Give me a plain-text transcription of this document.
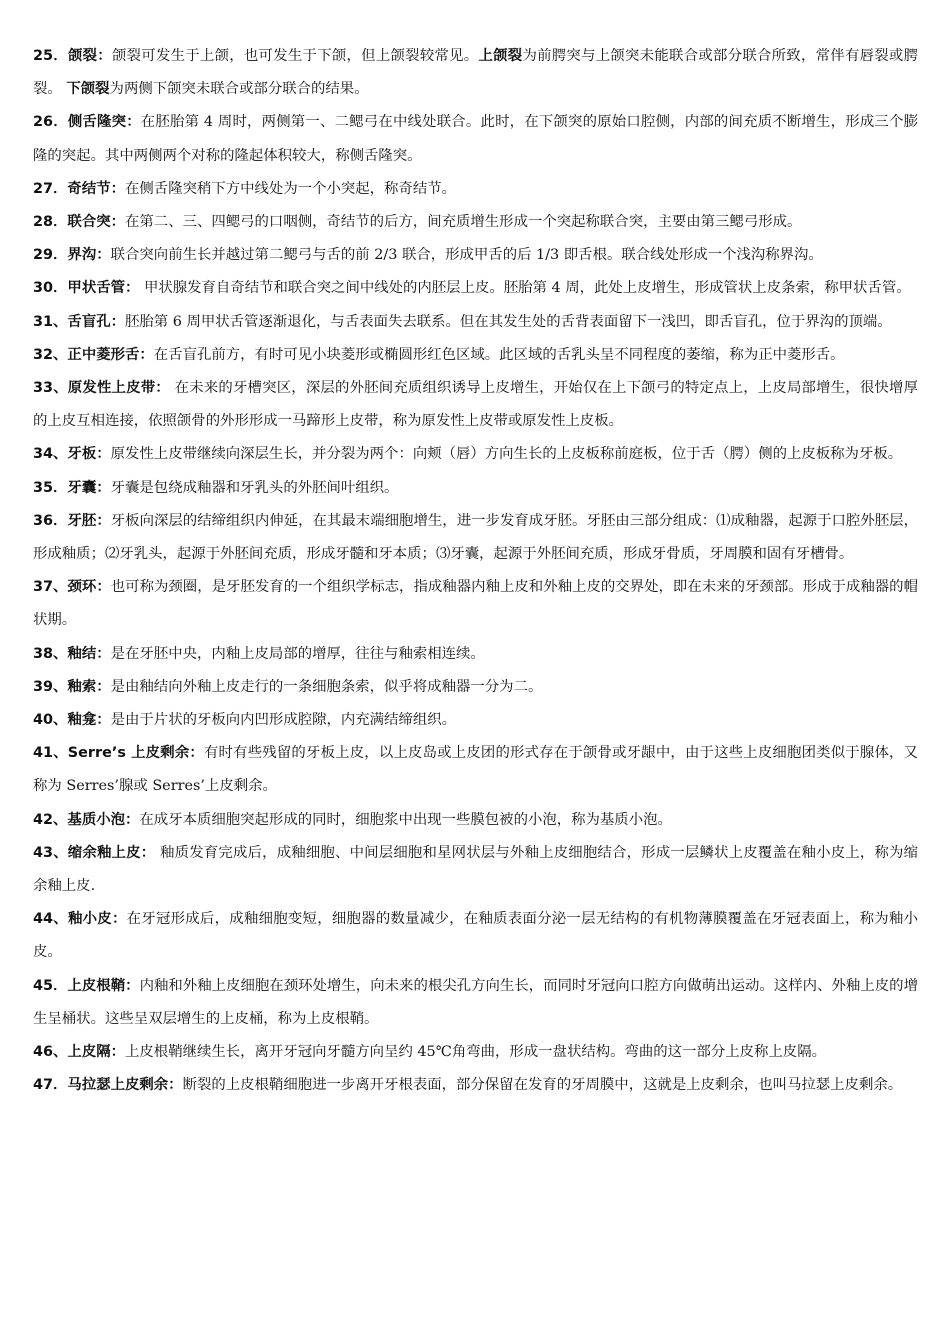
25．颌裂：颌裂可发生于上颌，也可发生于下颌，但上颌裂较常见。上颌裂为前腭突与上颌突未能联合或部分联合所致，常伴有唇裂或腭裂。 下颌裂为两侧下颌突未联合或部分联合的结果。

26．侧舌隆突：在胚胎第 4 周时，两侧第一、二鳃弓在中线处联合。此时，在下颌突的原始口腔侧，内部的间充质不断增生，形成三个膨隆的突起。其中两侧两个对称的隆起体积较大，称侧舌隆突。

27．奇结节：在侧舌隆突稍下方中线处为一个小突起，称奇结节。

28．联合突：在第二、三、四鳃弓的口咽侧，奇结节的后方，间充质增生形成一个突起称联合突，主要由第三鳃弓形成。

29．界沟：联合突向前生长并越过第二鳃弓与舌的前 2/3 联合，形成甲舌的后 1/3 即舌根。联合线处形成一个浅沟称界沟。

30．甲状舌管： 甲状腺发育自奇结节和联合突之间中线处的内胚层上皮。胚胎第 4 周，此处上皮增生，形成管状上皮条索，称甲状舌管。

31、舌盲孔：胚胎第 6 周甲状舌管逐渐退化，与舌表面失去联系。但在其发生处的舌背表面留下一浅凹，即舌盲孔，位于界沟的顶端。

32、正中菱形舌：在舌盲孔前方，有时可见小块菱形或椭圆形红色区域。此区域的舌乳头呈不同程度的萎缩，称为正中菱形舌。

33、原发性上皮带： 在未来的牙槽突区，深层的外胚间充质组织诱导上皮增生，开始仅在上下颌弓的特定点上，上皮局部增生，很快增厚的上皮互相连接，依照颌骨的外形形成一马蹄形上皮带，称为原发性上皮带或原发性上皮板。

34、牙板：原发性上皮带继续向深层生长，并分裂为两个：向颊（唇）方向生长的上皮板称前庭板，位于舌（腭）侧的上皮板称为牙板。

35．牙囊：牙囊是包绕成釉器和牙乳头的外胚间叶组织。

36．牙胚：牙板向深层的结缔组织内伸延，在其最末端细胞增生，进一步发育成牙胚。牙胚由三部分组成：⑴成釉器，起源于口腔外胚层，形成釉质；⑵牙乳头，起源于外胚间充质，形成牙髓和牙本质；⑶牙囊，起源于外胚间充质，形成牙骨质，牙周膜和固有牙槽骨。

37、颈环：也可称为颈圈，是牙胚发育的一个组织学标志，指成釉器内釉上皮和外釉上皮的交界处，即在未来的牙颈部。形成于成釉器的帽状期。

38、釉结：是在牙胚中央，内釉上皮局部的增厚，往往与釉索相连续。

39、釉索：是由釉结向外釉上皮走行的一条细胞条索，似乎将成釉器一分为二。

40、釉龛：是由于片状的牙板向内凹形成腔隙，内充满结缔组织。

41、Serre’s 上皮剩余：有时有些残留的牙板上皮，以上皮岛或上皮团的形式存在于颌骨或牙龈中，由于这些上皮细胞团类似于腺体，又称为 Serres’腺或 Serres’上皮剩余。

42、基质小泡：在成牙本质细胞突起形成的同时，细胞浆中出现一些膜包被的小泡，称为基质小泡。

43、缩余釉上皮： 釉质发育完成后，成釉细胞、中间层细胞和星网状层与外釉上皮细胞结合，形成一层鳞状上皮覆盖在釉小皮上，称为缩余釉上皮.

44、釉小皮：在牙冠形成后，成釉细胞变短，细胞器的数量减少，在釉质表面分泌一层无结构的有机物薄膜覆盖在牙冠表面上，称为釉小皮。

45．上皮根鞘：内釉和外釉上皮细胞在颈环处增生，向未来的根尖孔方向生长，而同时牙冠向口腔方向做萌出运动。这样内、外釉上皮的增生呈桶状。这些呈双层增生的上皮桶，称为上皮根鞘。

46、上皮隔：上皮根鞘继续生长，离开牙冠向牙髓方向呈约 45℃角弯曲，形成一盘状结构。弯曲的这一部分上皮称上皮隔。

47．马拉瑟上皮剩余：断裂的上皮根鞘细胞进一步离开牙根表面，部分保留在发育的牙周膜中，这就是上皮剩余，也叫马拉瑟上皮剩余。
